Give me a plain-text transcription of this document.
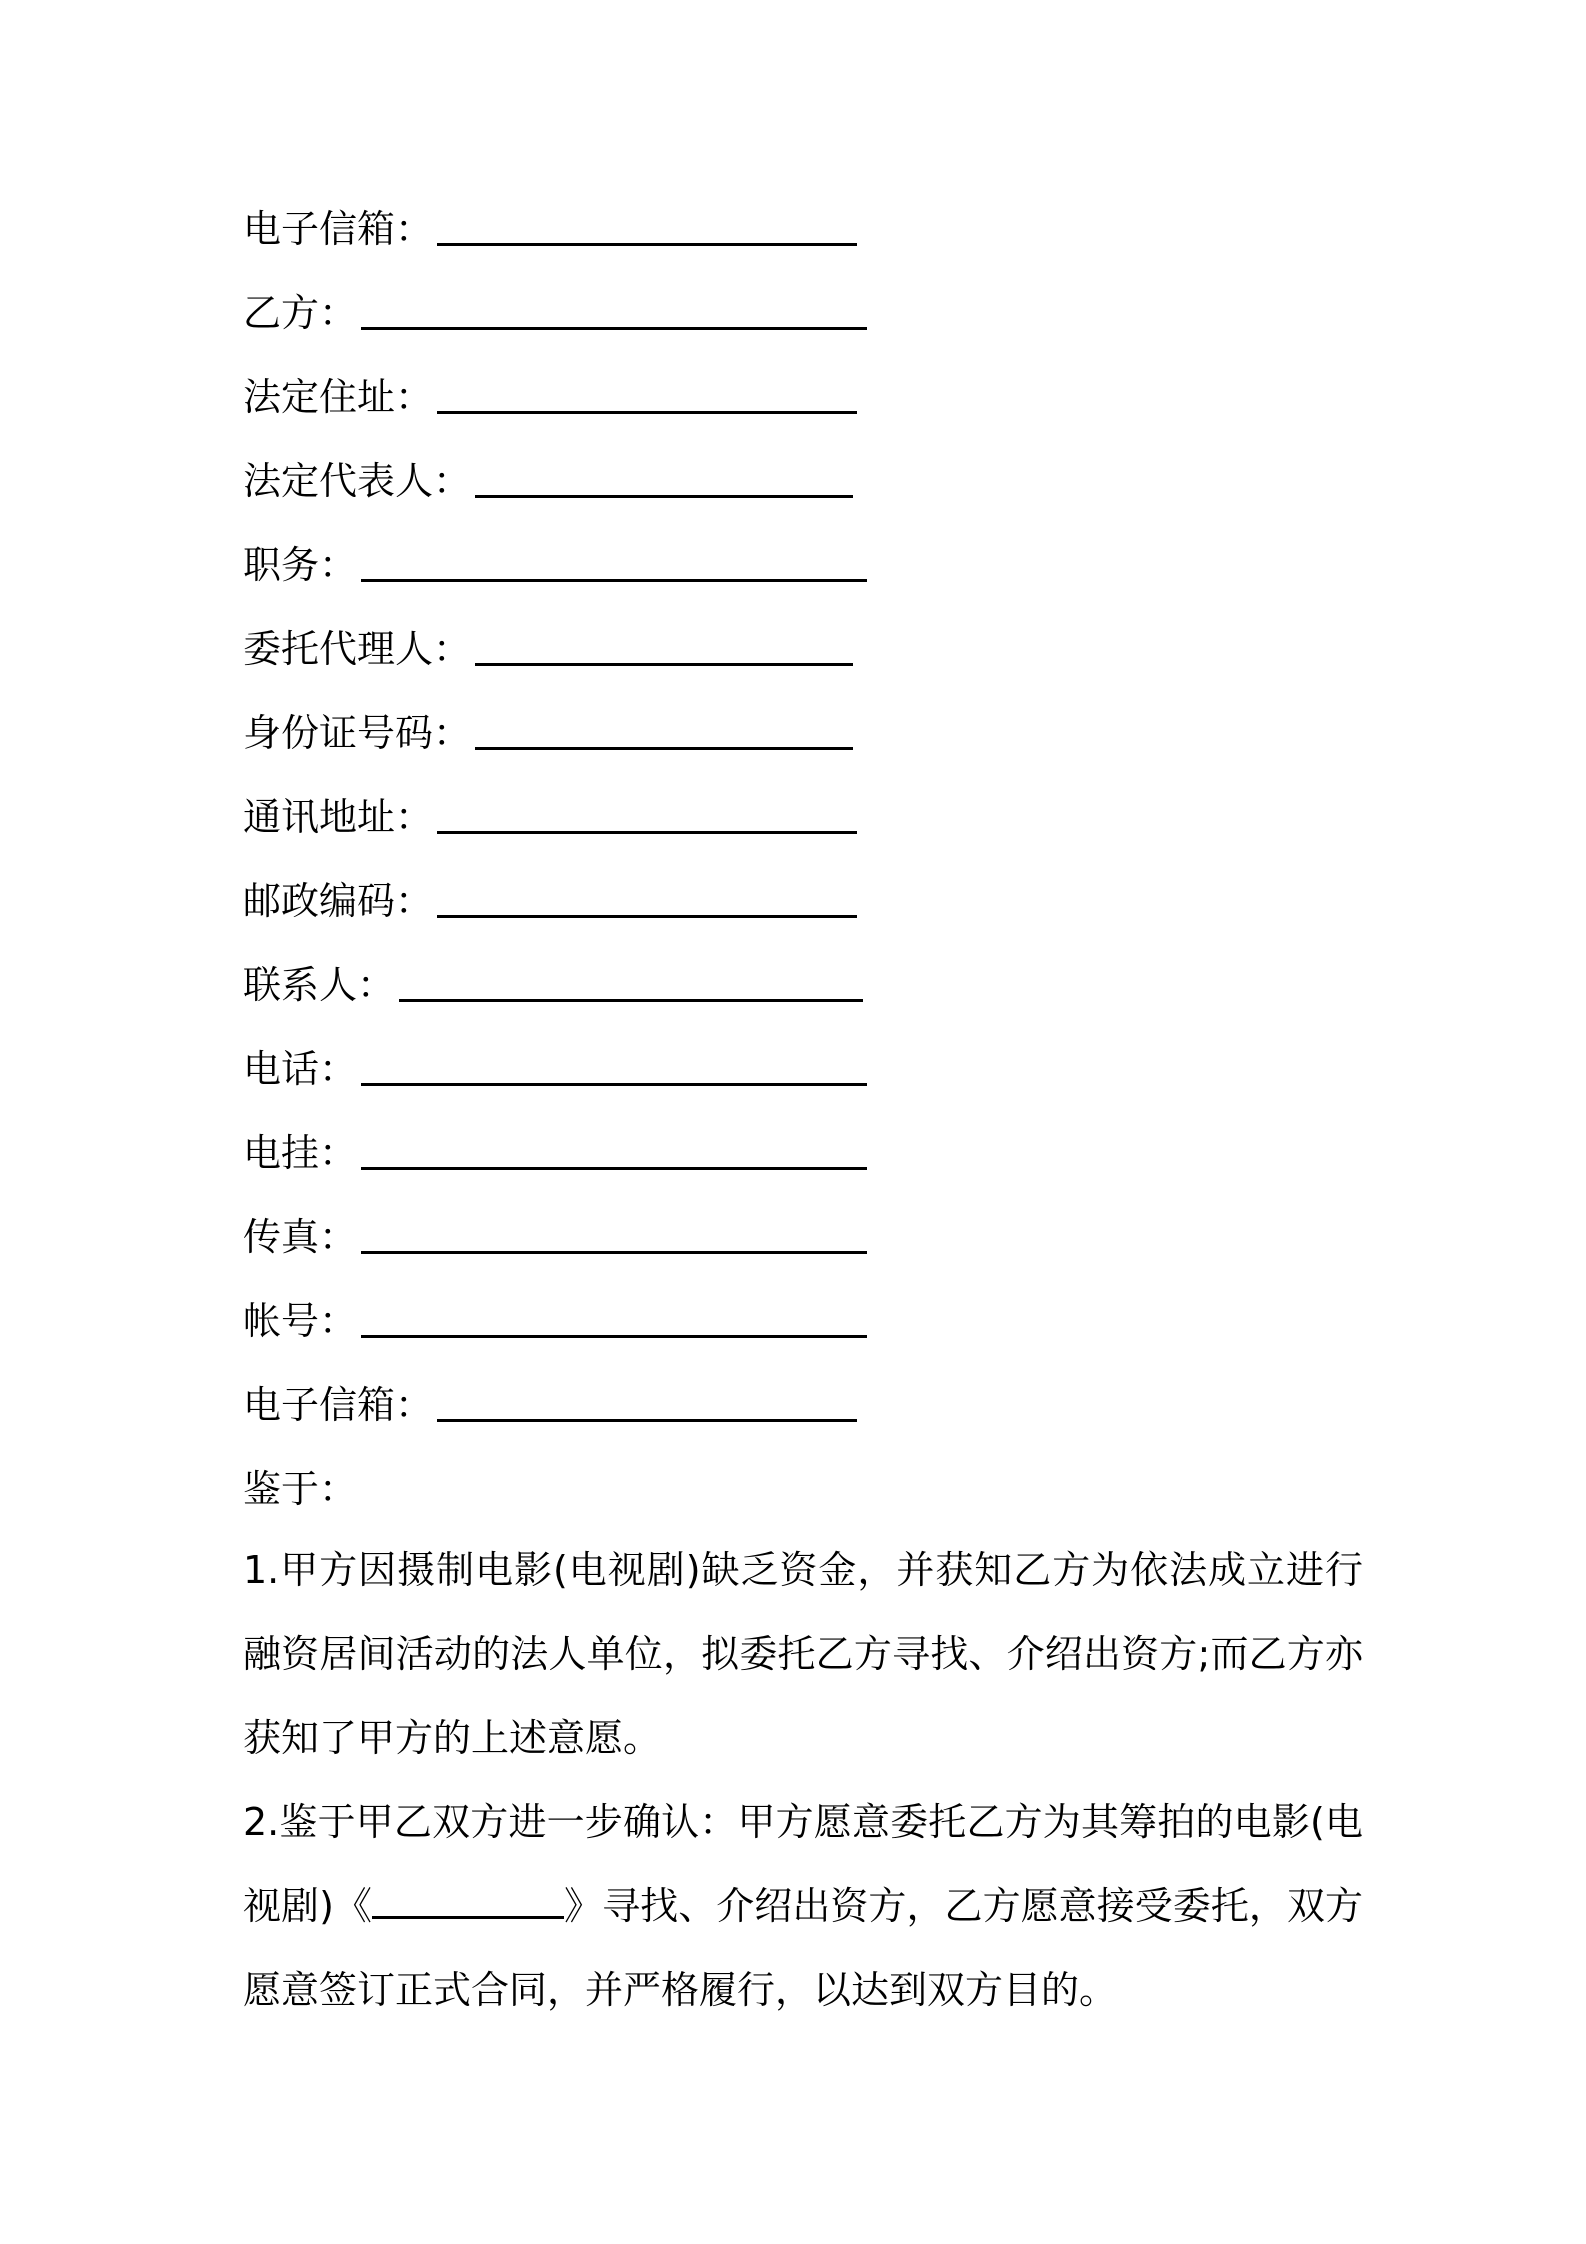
电子信箱：
乙方：
法定住址：
法定代表人：
职务：
委托代理人：
身份证号码：
通讯地址：
邮政编码：
联系人：
电话：
电挂：
传真：
帐号：
电子信箱：
鉴于：
1.甲方因摄制电影(电视剧)缺乏资金，并获知乙方为依法成立进行融资居间活动的法人单位，拟委托乙方寻找、介绍出资方;而乙方亦获知了甲方的上述意愿。
2.鉴于甲乙双方进一步确认：甲方愿意委托乙方为其筹拍的电影(电视剧)《	》寻找、介绍出资方，乙方愿意接受委托，双方愿意签订正式合同，并严格履行，以达到双方目的。
